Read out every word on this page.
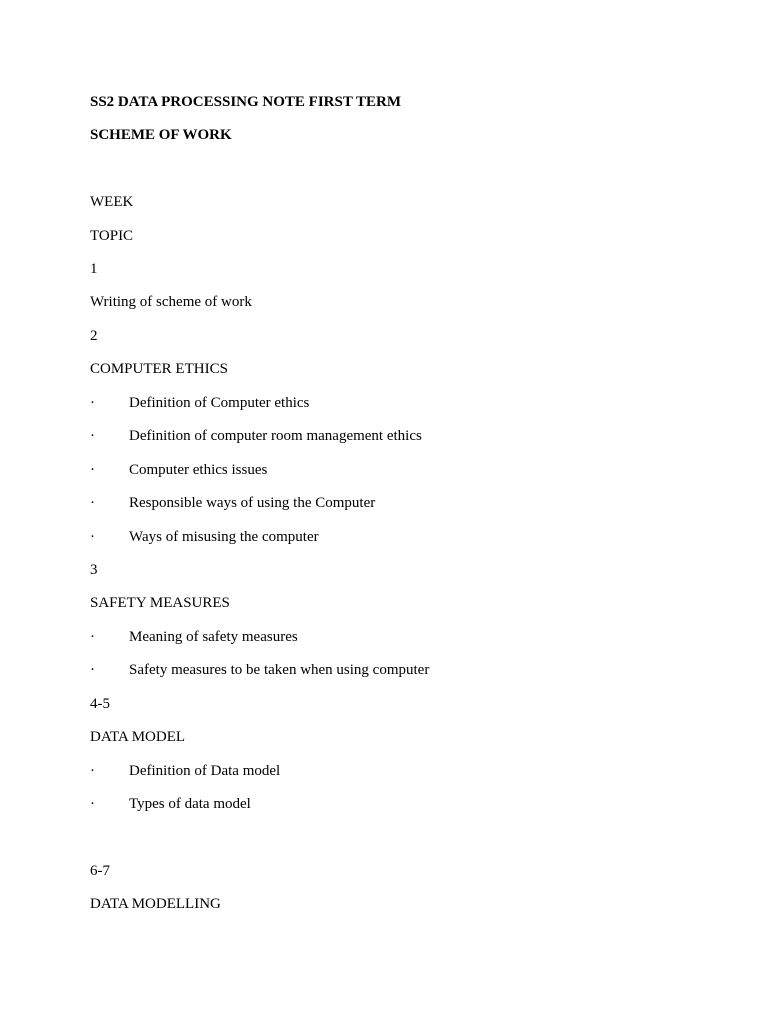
SS2 DATA PROCESSING NOTE FIRST TERM
SCHEME OF WORK
WEEK
TOPIC
1
Writing of scheme of work
2
COMPUTER ETHICS
· Definition of Computer ethics
· Definition of computer room management ethics
· Computer ethics issues
· Responsible ways of using the Computer
· Ways of misusing the computer
3
SAFETY MEASURES
· Meaning of safety measures
· Safety measures to be taken when using computer
4-5
DATA MODEL
· Definition of Data model
· Types of data model
6-7
DATA MODELLING
